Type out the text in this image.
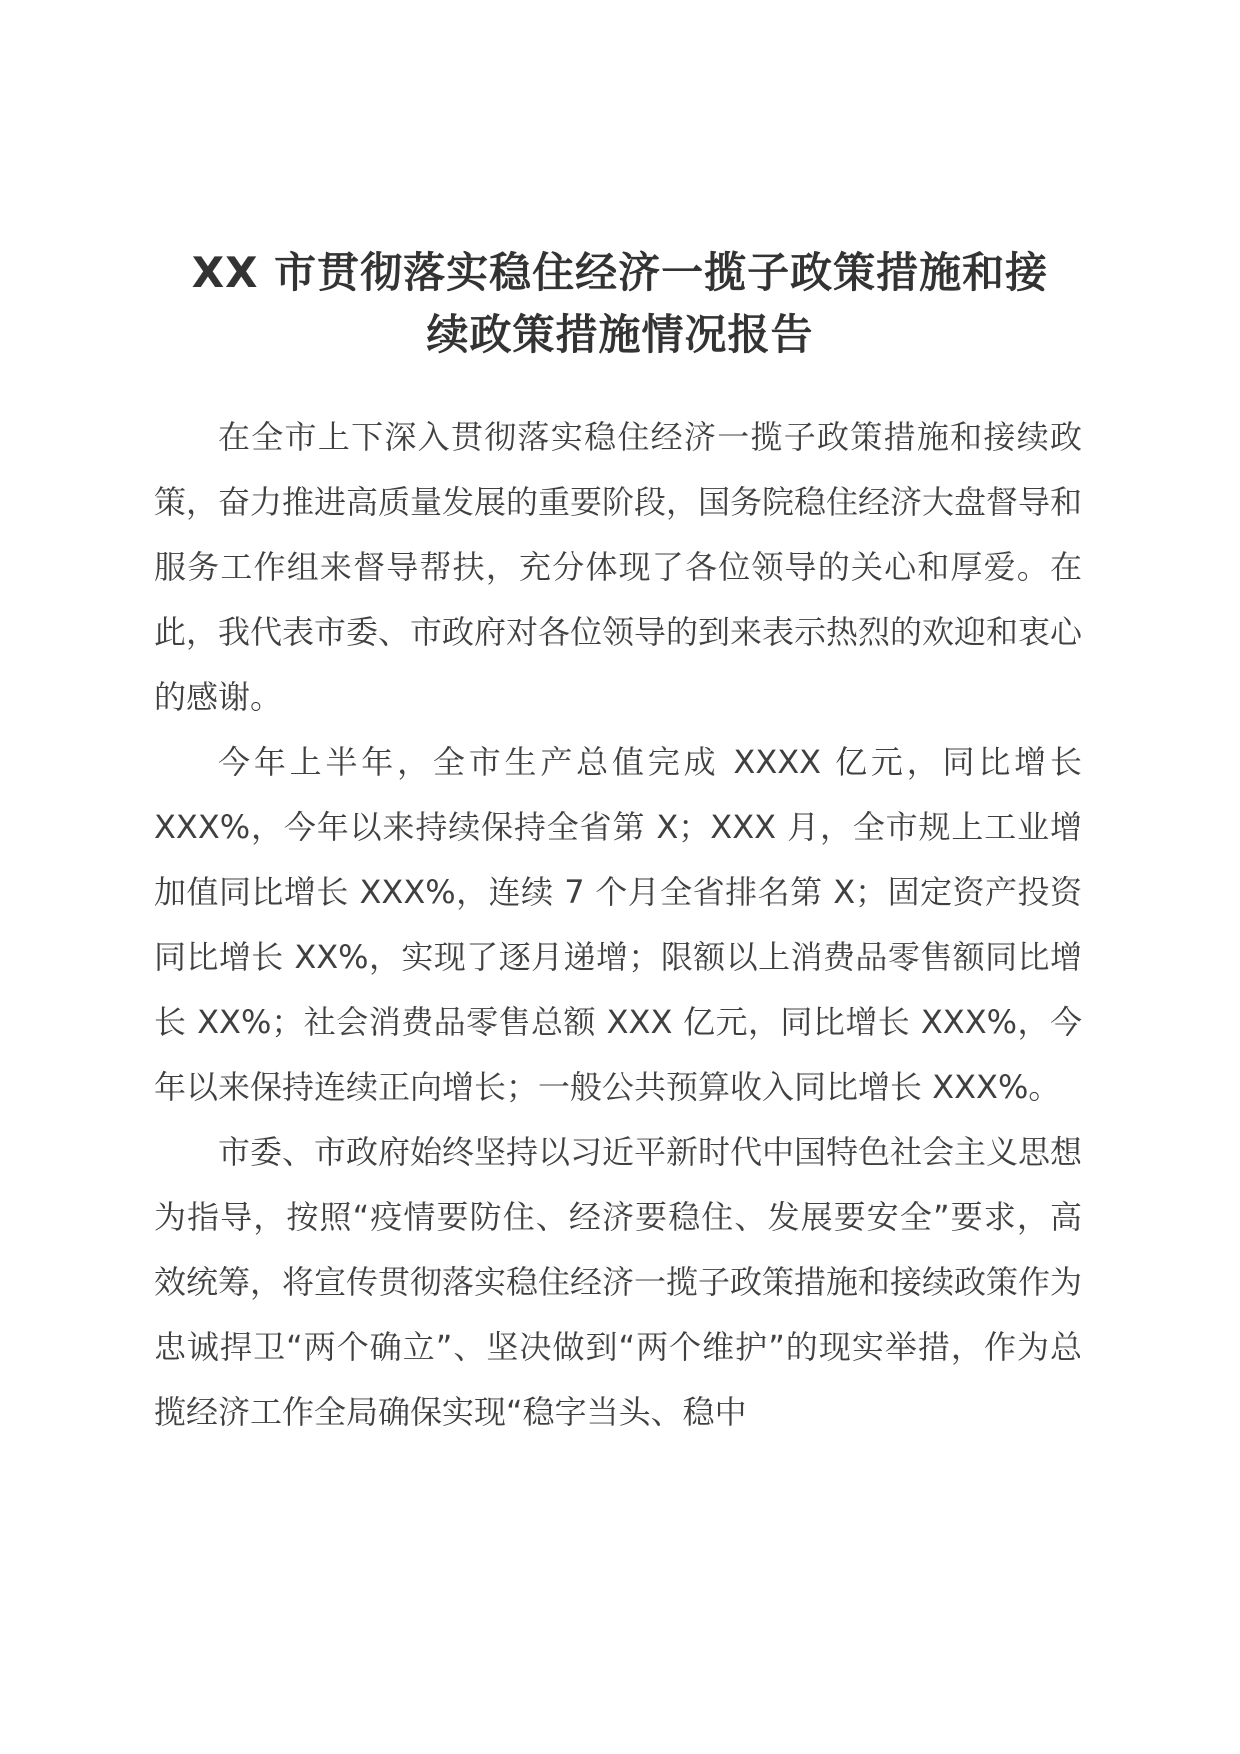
XX 市贯彻落实稳住经济一揽子政策措施和接
续政策措施情况报告

在全市上下深入贯彻落实稳住经济一揽子政策措施和接续政策，奋力推进高质量发展的重要阶段，国务院稳住经济大盘督导和服务工作组来督导帮扶，充分体现了各位领导的关心和厚爱。在此，我代表市委、市政府对各位领导的到来表示热烈的欢迎和衷心的感谢。

今年上半年，全市生产总值完成 XXXX 亿元，同比增长 XXX%，今年以来持续保持全省第 X；XXX 月，全市规上工业增加值同比增长 XXX%，连续 7 个月全省排名第 X；固定资产投资同比增长 XX%，实现了逐月递增；限额以上消费品零售额同比增长 XX%；社会消费品零售总额 XXX 亿元，同比增长 XXX%，今年以来保持连续正向增长；一般公共预算收入同比增长 XXX%。

市委、市政府始终坚持以习近平新时代中国特色社会主义思想为指导，按照“疫情要防住、经济要稳住、发展要安全”要求，高效统筹，将宣传贯彻落实稳住经济一揽子政策措施和接续政策作为忠诚捍卫“两个确立”、坚决做到“两个维护”的现实举措，作为总揽经济工作全局确保实现“稳字当头、稳中
